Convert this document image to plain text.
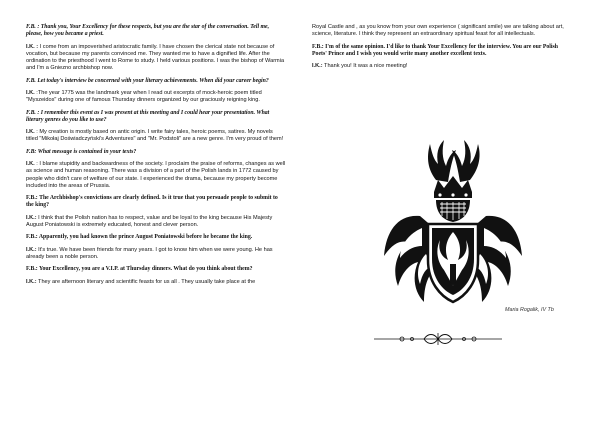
F.B. : Thank you, Your Excellency for these respects, but you are the star of the conversation. Tell me, please, how you became a priest.

I.K. : I come from an impoverished aristocratic family. I have chosen the clerical state not because of vocation, but because my parents convinced me. They wanted me to have a dignified life. After the ordination to the priesthood I went to Rome to study. I held various positions. I was the bishop of Warmia and I'm a Gniezno archbishop now.

F.B. Let today's interview be concerned with your literary achievements. When did your career begin?

I.K. :The year 1775 was the landmark year when I read out excerpts of mock-heroic poem titled "Myszeidos" during one of famous Thursday dinners organized by our graciously reigning king.

F.B. : I remember this event as I was present at this meeting and I could hear your presentation. What literary genres do you like to use?

I.K. : My creation is mostly based on antic origin. I write fairy tales, heroic poems, satires. My novels titled "Mikołaj Doświadczyński's Adventures" and "Mr. Podstoli" are a new genre. I'm very proud of them!

F.B: What message is contained in your texts?

I.K. : I blame stupidity and backwardness of the society. I proclaim the praise of reforms, changes as well as science and human reasoning. There was a division of a part of the Polish lands in 1772 caused by people who didn't care of welfare of our state. I experienced the drama, because my property become included into the areas of Prussia.

F.B.: The Archbishop's convictions are clearly defined. Is it true that you persuade people to submit to the king?

I.K.: I think that the Polish nation has to respect, value and be loyal to the king because His Majesty August Poniatowski is extremely educated, honest and clever person.

F.B.: Apparently, you had known the prince August Poniatowski before he became the king.

I.K.: It's true. We have been friends for many years. I got to know him when we were young. He has already been a noble person.

F.B.: Your Excellency, you are a V.I.P. at Thursday dinners. What do you think about them?

I.K.: They are afternoon literary and scientific feasts for us all . They usually take place at the

Royal Castle and , as you know from your own experience ( significant smile) we are talking about art, science, literature. I think they represent an extraordinary spiritual feast for all intellectuals.

F.B.: I'm of the same opinion. I'd like to thank Your Excellency for the interview. You are our Polish Poets' Prince and I wish you would write many another excellent texts.

I.K.: Thank you! It was a nice meeting!

Maria Rogalik, IV Tb
